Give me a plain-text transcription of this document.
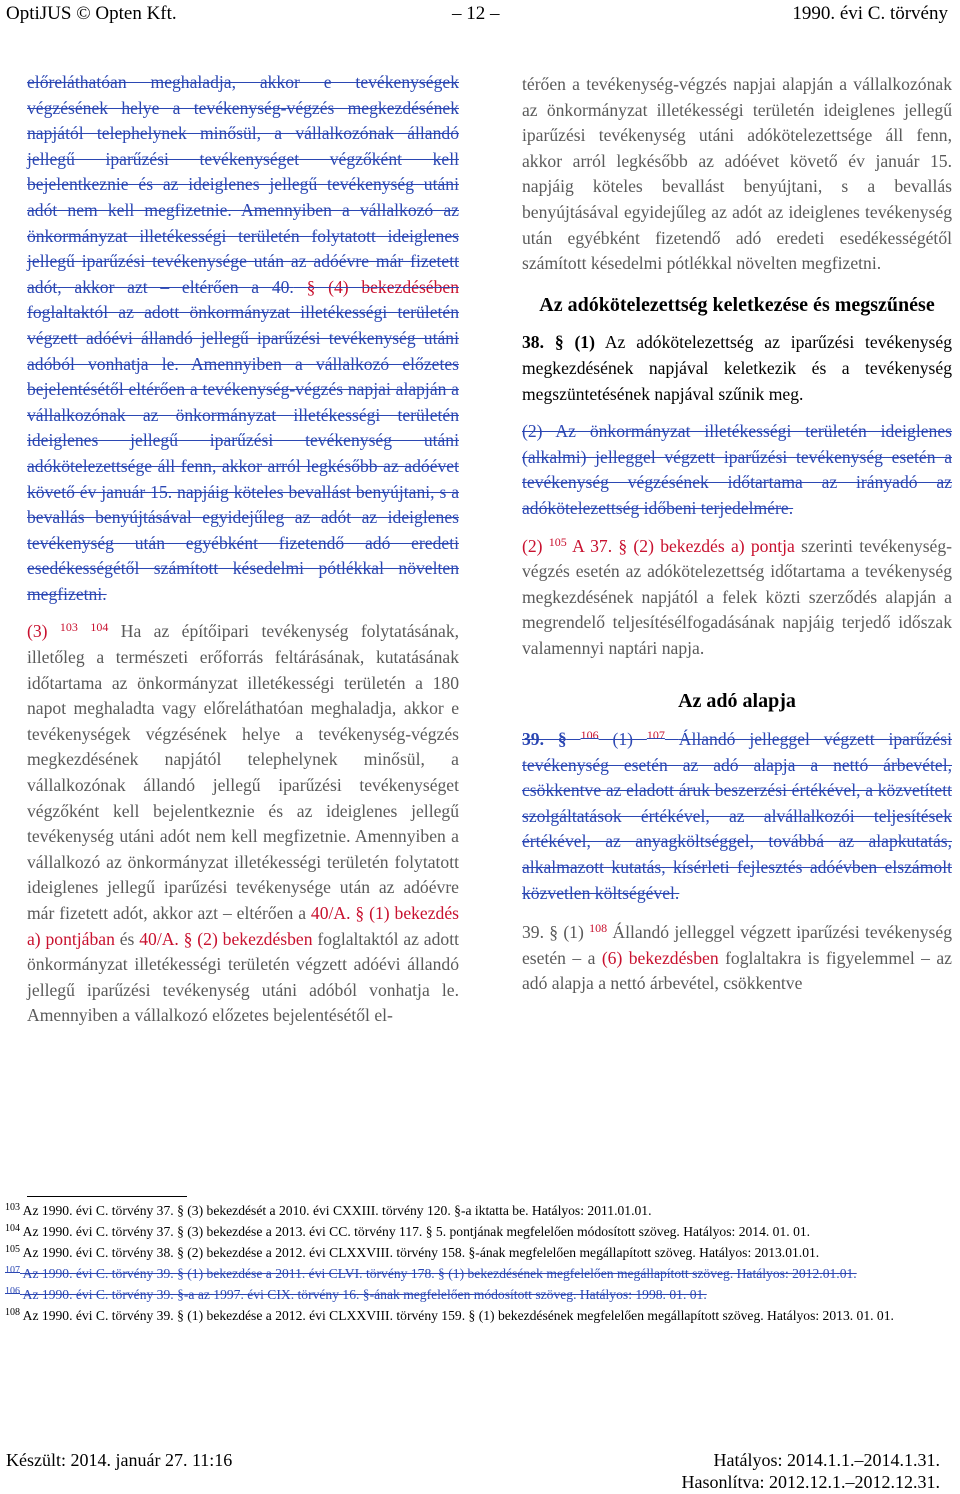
OptiJUS © Opten Kft.	– 12 –	1990. évi C. törvény

előreláthatóan meghaladja, akkor e tevékenységek végzésének helye a tevékenység-végzés megkezdésének napjától telephelynek minősül, a vállalkozónak állandó jellegű iparűzési tevékenységet végzőként kell bejelentkeznie és az ideiglenes jellegű tevékenység utáni adót nem kell megfizetnie. Amennyiben a vállalkozó az önkormányzat illetékességi területén folytatott ideiglenes jellegű iparűzési tevékenysége után az adóévre már fizetett adót, akkor azt – eltérően a 40. § (4) bekezdésében foglaltaktól az adott önkormányzat illetékességi területén végzett adóévi állandó jellegű iparűzési tevékenység utáni adóból vonhatja le. Amennyiben a vállalkozó előzetes bejelentésétől eltérően a tevékenység-végzés napjai alapján a vállalkozónak az önkormányzat illetékességi területén ideiglenes jellegű iparűzési tevékenység utáni adókötelezettsége áll fenn, akkor arról legkésőbb az adóévet követő év január 15. napjáig köteles bevallást benyújtani, s a bevallás benyújtásával egyidejűleg az adót az ideiglenes tevékenység után egyébként fizetendő adó eredeti esedékességétől számított késedelmi pótlékkal növelten megfizetni.

(3) $^{103}$ $^{104}$ Ha az építőipari tevékenység folytatásának, illetőleg a természeti erőforrás feltárásának, kutatásának időtartama az önkormányzat illetékességi területén a 180 napot meghaladta vagy előreláthatóan meghaladja, akkor e tevékenységek végzésének helye a tevékenység-végzés megkezdésének napjától telephelynek minősül, a vállalkozónak állandó jellegű iparűzési tevékenységet végzőként kell bejelentkeznie és az ideiglenes jellegű tevékenység utáni adót nem kell megfizetnie. Amennyiben a vállalkozó az önkormányzat illetékességi területén folytatott ideiglenes jellegű iparűzési tevékenysége után az adóévre már fizetett adót, akkor azt – eltérően a 40/A. § (1) bekezdés a) pontjában és 40/A. § (2) bekezdésben foglaltaktól az adott önkormányzat illetékességi területén végzett adóévi állandó jellegű iparűzési tevékenység utáni adóból vonhatja le. Amennyiben a vállalkozó előzetes bejelentésétől el-

térően a tevékenység-végzés napjai alapján a vállalkozónak az önkormányzat illetékességi területén ideiglenes jellegű iparűzési tevékenység utáni adókötelezettsége áll fenn, akkor arról legkésőbb az adóévet követő év január 15. napjáig köteles bevallást benyújtani, s a bevallás benyújtásával egyidejűleg az adót az ideiglenes tevékenység után egyébként fizetendő adó eredeti esedékességétől számított késedelmi pótlékkal növelten megfizetni.

Az adókötelezettség keletkezése és megszűnése

38. § (1) Az adókötelezettség az iparűzési tevékenység megkezdésének napjával keletkezik és a tevékenység megszüntetésének napjával szűnik meg.

(2) Az önkormányzat illetékességi területén ideiglenes (alkalmi) jelleggel végzett iparűzési tevékenység esetén a tevékenység végzésének időtartama az irányadó az adókötelezettség időbeni terjedelmére.

(2) $^{105}$ A 37. § (2) bekezdés a) pontja szerinti tevékenység-végzés esetén az adókötelezettség időtartama a tevékenység megkezdésének napjától a felek közti szerződés alapján a megrendelő teljesítésélfogadásának napjáig terjedő időszak valamennyi naptári napja.

Az adó alapja

39. § $^{106}$ (1) $^{107}$ Állandó jelleggel végzett iparűzési tevékenység esetén az adó alapja a nettó árbevétel, csökkentve az eladott áruk beszerzési értékével, a közvetített szolgáltatások értékével, az alvállalkozói teljesítések értékével, az anyagköltséggel, továbbá az alapkutatás, alkalmazott kutatás, kísérleti fejlesztés adóévben elszámolt közvetlen költségével.

39. § (1) $^{108}$ Állandó jelleggel végzett iparűzési tevékenység esetén – a (6) bekezdésben foglaltakra is figyelemmel – az adó alapja a nettó árbevétel, csökkentve

$^{103}$ Az 1990. évi C. törvény 37. § (3) bekezdését a 2010. évi CXXIII. törvény 120. §-a iktatta be. Hatályos: 2011.01.01.

$^{104}$ Az 1990. évi C. törvény 37. § (3) bekezdése a 2013. évi CC. törvény 117. § 5. pontjának megfelelően módosított szöveg. Hatályos: 2014. 01. 01.

$^{105}$ Az 1990. évi C. törvény 38. § (2) bekezdése a 2012. évi CLXXVIII. törvény 158. §-ának megfelelően megállapított szöveg. Hatályos: 2013.01.01.

$^{107}$ Az 1990. évi C. törvény 39. § (1) bekezdése a 2011. évi CLVI. törvény 178. § (1) bekezdésének megfelelően megállapított szöveg. Hatályos: 2012.01.01.

$^{106}$ Az 1990. évi C. törvény 39. §-a az 1997. évi CIX. törvény 16. §-ának megfelelően módosított szöveg. Hatályos: 1998. 01. 01.

$^{108}$ Az 1990. évi C. törvény 39. § (1) bekezdése a 2012. évi CLXXVIII. törvény 159. § (1) bekezdésének megfelelően megállapított szöveg. Hatályos: 2013. 01. 01.

Készült: 2014. január 27. 11:16	Hatályos: 2014.1.1.–2014.1.31.
Hasonlítva: 2012.12.1.–2012.12.31.
